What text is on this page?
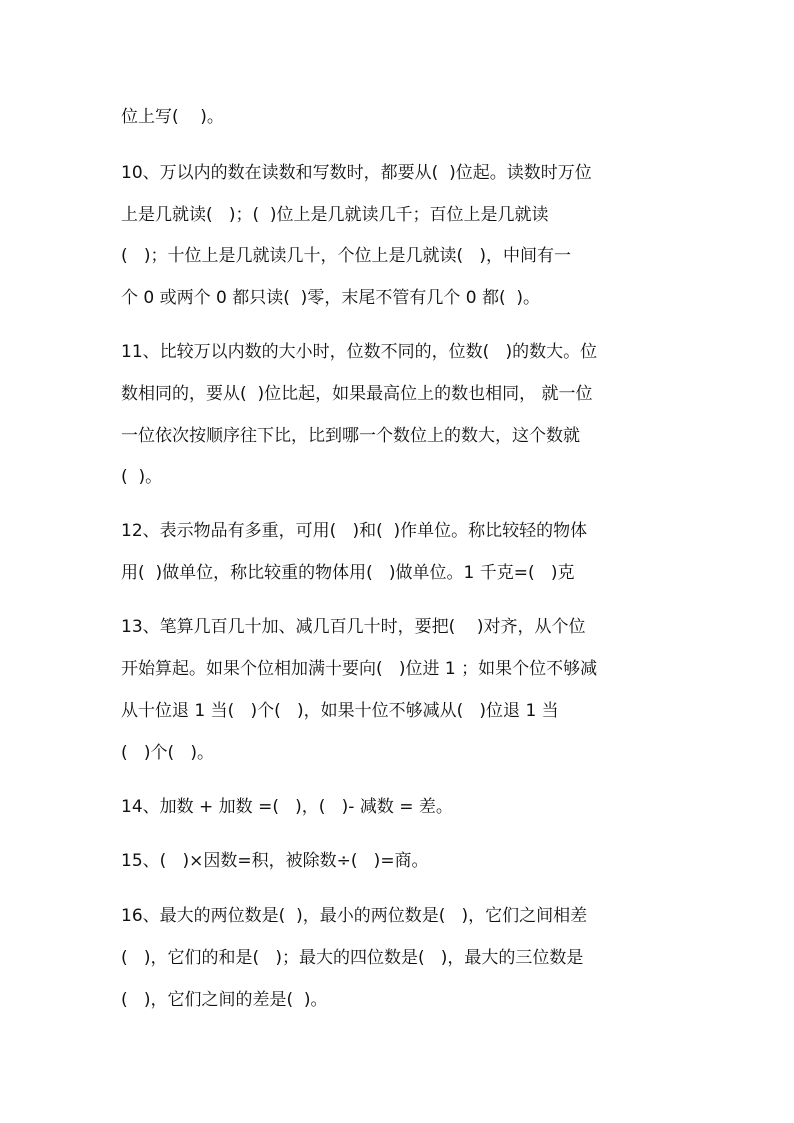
位上写(    )。
10、万以内的数在读数和写数时，都要从(  )位起。读数时万位
上是几就读(   )；(  )位上是几就读几千；百位上是几就读
(   )；十位上是几就读几十，个位上是几就读(   )，中间有一
个 0 或两个 0 都只读(  )零，末尾不管有几个 0 都(  )。
11、比较万以内数的大小时，位数不同的，位数(   )的数大。位
数相同的，要从(  )位比起，如果最高位上的数也相同， 就一位
一位依次按顺序往下比，比到哪一个数位上的数大，这个数就
(  )。
12、表示物品有多重，可用(   )和(  )作单位。称比较轻的物体
用(  )做单位，称比较重的物体用(   )做单位。1 千克=(   )克
13、笔算几百几十加、减几百几十时，要把(    )对齐，从个位
开始算起。如果个位相加满十要向(   )位进 1 ；如果个位不够减
从十位退 1 当(   )个(   )，如果十位不够减从(   )位退 1 当
(   )个(   )。
14、加数 + 加数 =(   )，(   )- 减数 = 差。
15、(   )×因数=积，被除数÷(   )=商。
16、最大的两位数是(  )，最小的两位数是(   )，它们之间相差
(   )，它们的和是(   )；最大的四位数是(   )，最大的三位数是
(   )，它们之间的差是(  )。
